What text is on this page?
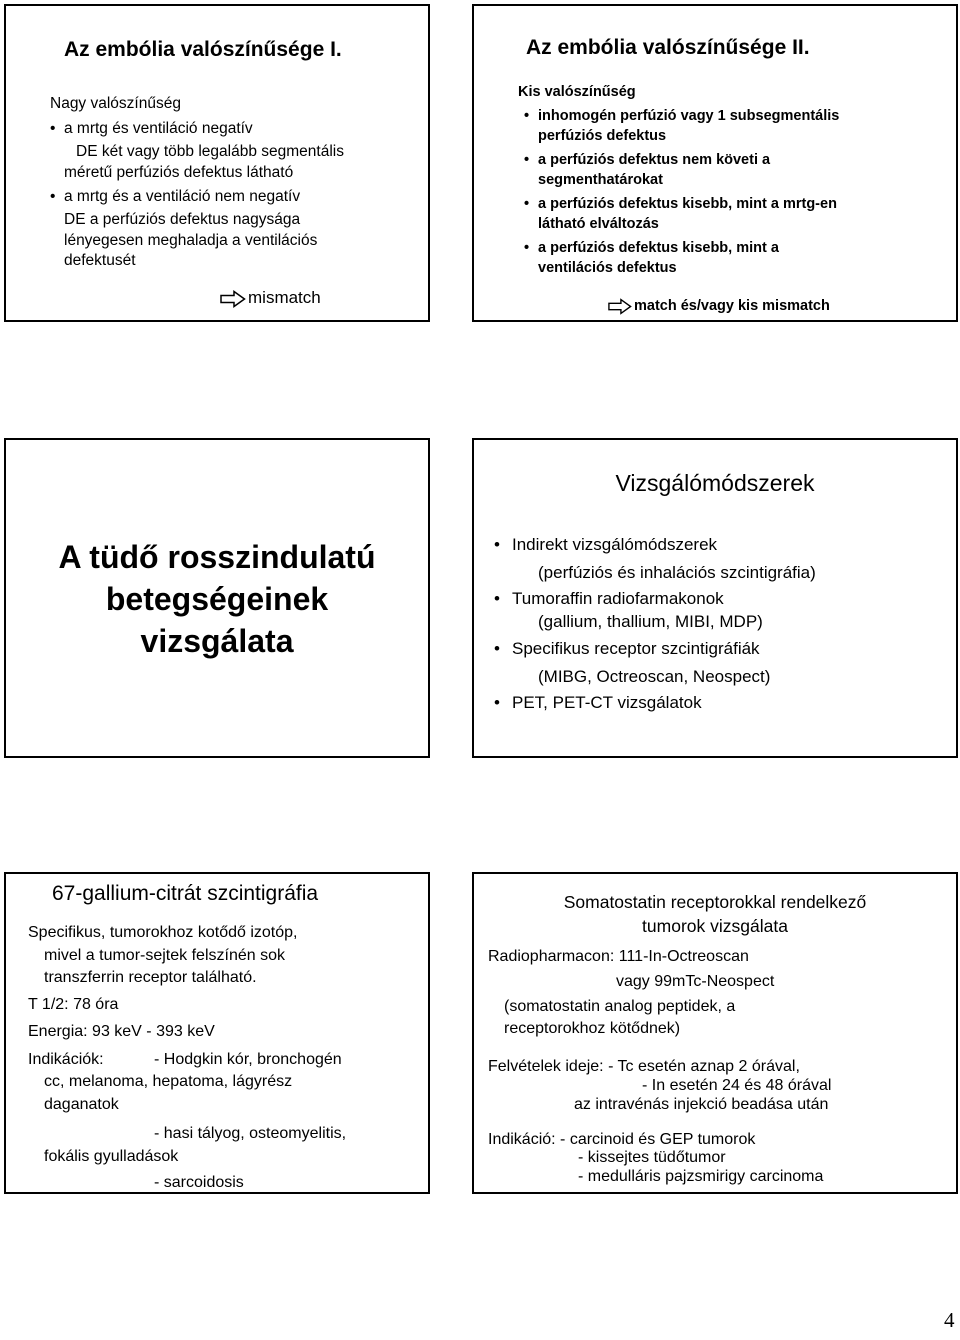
Az embólia valószínűsége I.
Nagy valószínűség
• a mrtg és ventiláció negatív
DE két vagy több legalább segmentális
méretű perfúziós defektus látható
• a mrtg és a ventiláció nem negatív
DE a perfúziós defektus nagysága
lényegesen meghaladja a ventilációs
defektusét
mismatch
Az embólia valószínűsége II.
Kis valószínűség
• inhomogén perfúzió vagy 1 subsegmentális
perfúziós defektus
• a perfúziós defektus nem követi a
segmenthatárokat
• a perfúziós defektus kisebb, mint a mrtg-en
látható elváltozás
• a perfúziós defektus kisebb, mint a
ventilációs defektus
match és/vagy kis mismatch
A tüdő rosszindulatú
betegségeinek
vizsgálata
Vizsgálómódszerek
• Indirekt vizsgálómódszerek
(perfúziós és inhalációs szcintigráfia)
• Tumoraffin radiofarmakonok
(gallium, thallium, MIBI, MDP)
• Specifikus receptor szcintigráfiák
(MIBG, Octreoscan, Neospect)
• PET, PET-CT vizsgálatok
67-gallium-citrát szcintigráfia
Specifikus, tumorokhoz kotődő izotóp,
mivel a tumor-sejtek felszínén sok
transzferrin receptor található.
T 1/2: 78 óra
Energia: 93 keV - 393 keV
Indikációk:	- Hodgkin kór, bronchogén
cc, melanoma, hepatoma, lágyrész
daganatok
- hasi tályog, osteomyelitis,
fokális gyulladások
- sarcoidosis
Somatostatin receptorokkal rendelkező
tumorok vizsgálata
Radiopharmacon: 111-In-Octreoscan
vagy 99mTc-Neospect
(somatostatin analog peptidek, a
receptorokhoz kötődnek)
Felvételek ideje: - Tc esetén aznap 2 órával,
- In esetén 24 és 48 órával
az intravénás injekció beadása után
Indikáció: - carcinoid és GEP tumorok
- kissejtes tüdőtumor
- medulláris pajzsmirigy carcinoma
4
